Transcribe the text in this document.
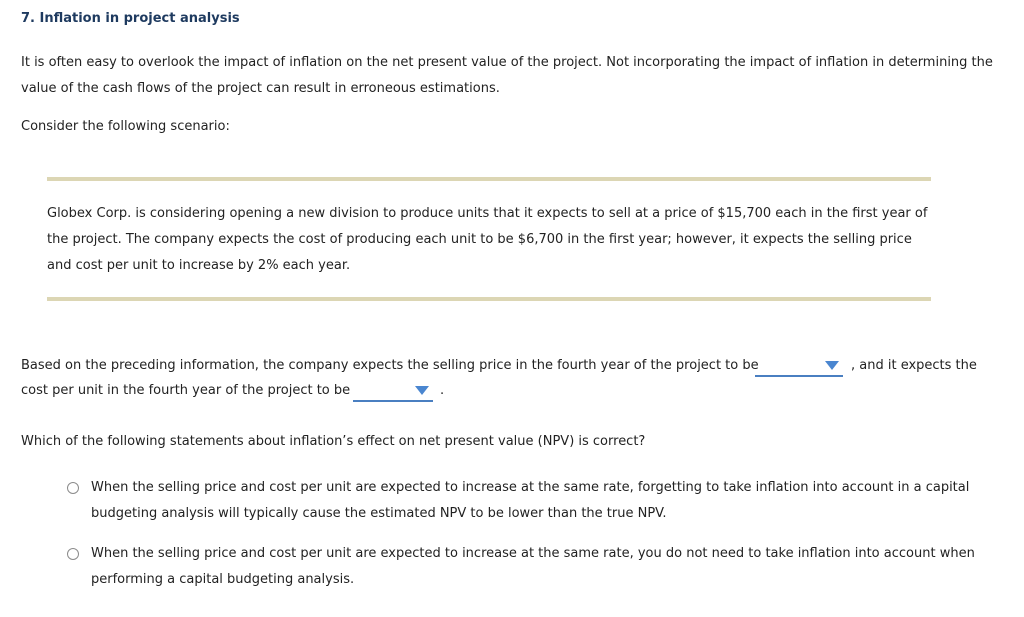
7. Inflation in project analysis
It is often easy to overlook the impact of inflation on the net present value of the project. Not incorporating the impact of inflation in determining the
value of the cash flows of the project can result in erroneous estimations.
Consider the following scenario:
Globex Corp. is considering opening a new division to produce units that it expects to sell at a price of $15,700 each in the first year of
the project. The company expects the cost of producing each unit to be $6,700 in the first year; however, it expects the selling price
and cost per unit to increase by 2% each year.
Based on the preceding information, the company expects the selling price in the fourth year of the project to be	, and it expects the
cost per unit in the fourth year of the project to be	.
Which of the following statements about inflation’s effect on net present value (NPV) is correct?
When the selling price and cost per unit are expected to increase at the same rate, forgetting to take inflation into account in a capital
budgeting analysis will typically cause the estimated NPV to be lower than the true NPV.
When the selling price and cost per unit are expected to increase at the same rate, you do not need to take inflation into account when
performing a capital budgeting analysis.
